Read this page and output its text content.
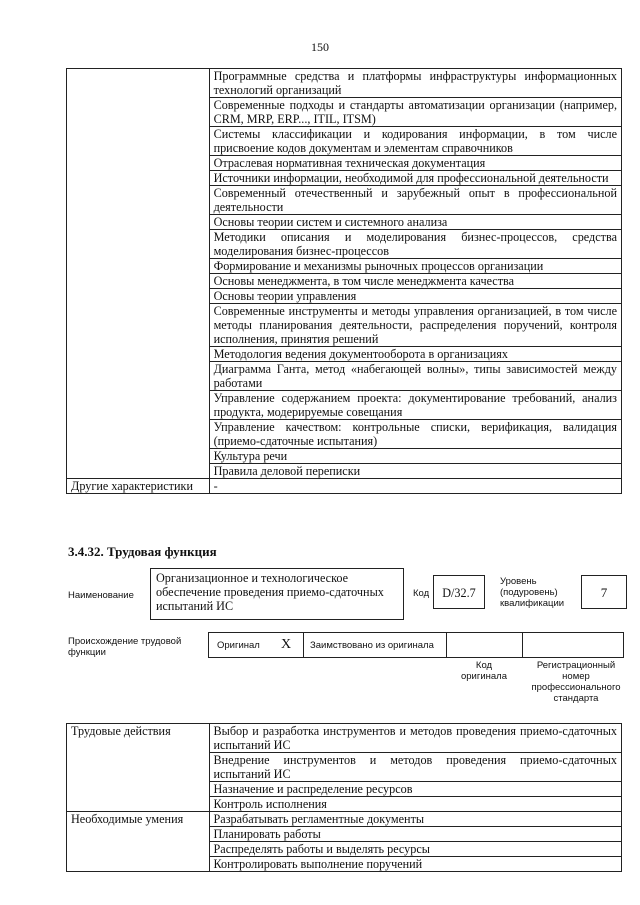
150
	Программные средства и платформы инфраструктуры информационных технологий организаций
	Современные подходы и стандарты автоматизации организации (например, CRM, MRP, ERP..., ITIL, ITSM)
	Системы классификации и кодирования информации, в том числе присвоение кодов документам и элементам справочников
	Отраслевая нормативная техническая документация
	Источники информации, необходимой для профессиональной деятельности
	Современный отечественный и зарубежный опыт в профессиональной деятельности
	Основы теории систем и системного анализа
	Методики описания и моделирования бизнес-процессов, средства моделирования бизнес-процессов
	Формирование и механизмы рыночных процессов организации
	Основы менеджмента, в том числе менеджмента качества
	Основы теории управления
	Современные инструменты и методы управления организацией, в том числе методы планирования деятельности, распределения поручений, контроля исполнения, принятия решений
	Методология ведения документооборота в организациях
	Диаграмма Ганта, метод «набегающей волны», типы зависимостей между работами
	Управление содержанием проекта: документирование требований, анализ продукта, модерируемые совещания
	Управление качеством: контрольные списки, верификация, валидация (приемо-сдаточные испытания)
	Культура речи
	Правила деловой переписки
Другие характеристики	-
3.4.32. Трудовая функция
Наименование
Организационное и технологическое обеспечение проведения приемо-сдаточных испытаний ИС
Код	D/32.7
Уровень (подуровень) квалификации
7
Происхождение трудовой функции
Оригинал X Заимствовано из оригинала
Код оригинала
Регистрационный номер профессионального стандарта
Трудовые действия	Выбор и разработка инструментов и методов проведения приемо-сдаточных испытаний ИС
	Внедрение инструментов и методов проведения приемо-сдаточных испытаний ИС
	Назначение и распределение ресурсов
	Контроль исполнения
Необходимые умения	Разрабатывать регламентные документы
	Планировать работы
	Распределять работы и выделять ресурсы
	Контролировать выполнение поручений
